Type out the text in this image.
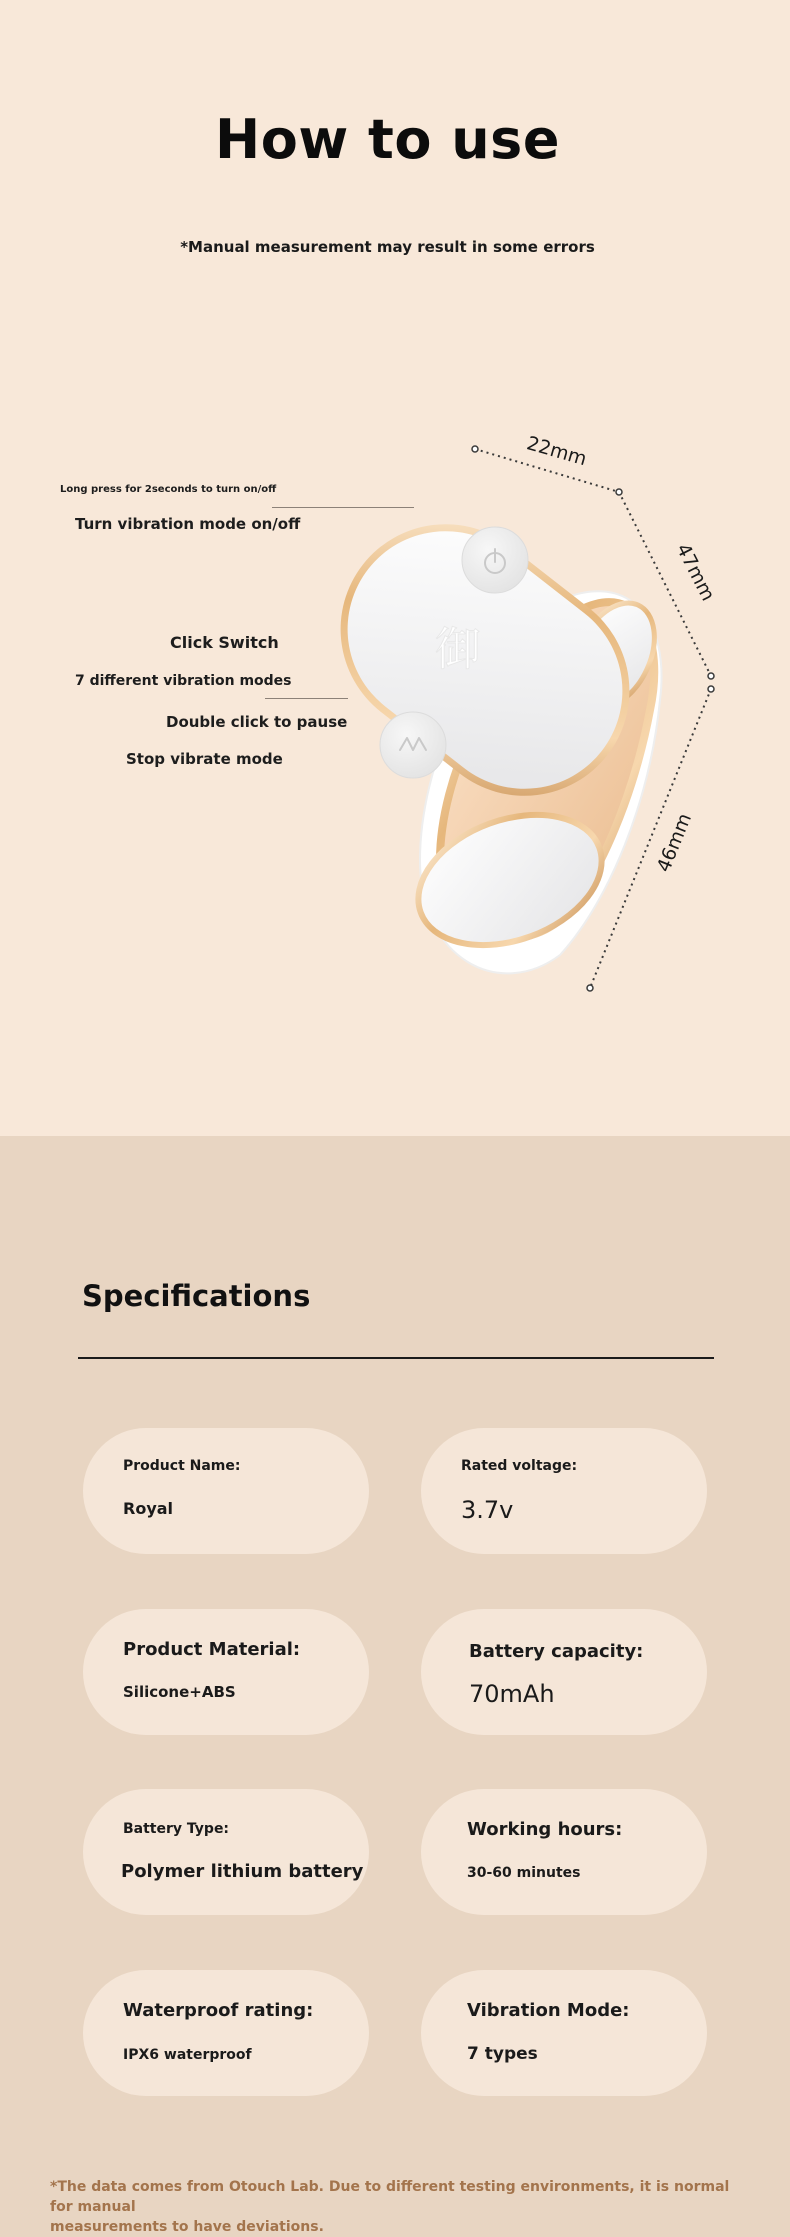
How to use
*Manual measurement may result in some errors
Long press for 2seconds to turn on/off
Turn vibration mode on/off
Click Switch
7 different vibration modes
Double click to pause
Stop vibrate mode
御
22mm
47mm
46mm
Specifications
Product Name:
Royal
Rated voltage:
3.7v
Product Material:
Silicone+ABS
Battery capacity:
70mAh
Battery Type:
Polymer lithium battery
Working hours:
30-60 minutes
Waterproof rating:
IPX6 waterproof
Vibration Mode:
7 types
*The data comes from Otouch Lab. Due to different testing environments, it is normal for manual
measurements to have deviations.
